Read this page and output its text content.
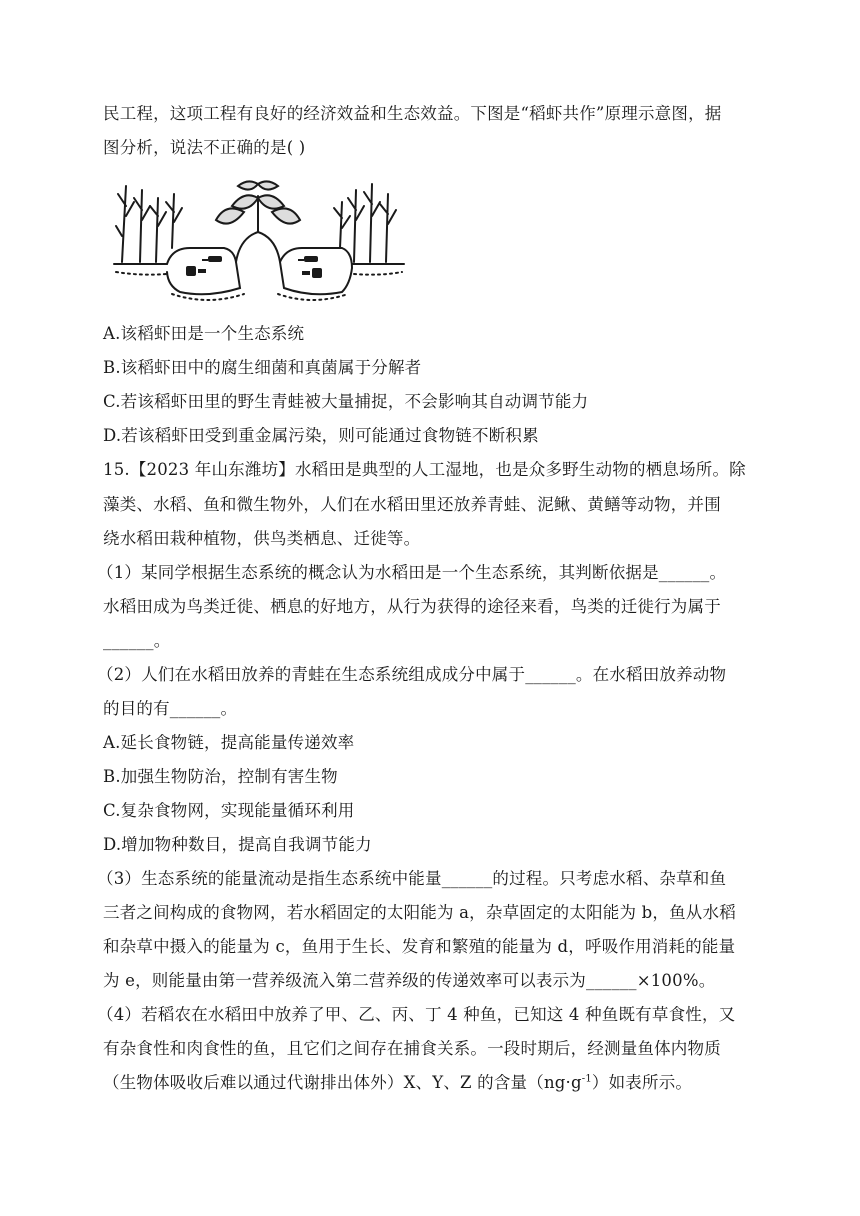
民工程，这项工程有良好的经济效益和生态效益。下图是“稻虾共作”原理示意图，据
图分析，说法不正确的是( )
A.该稻虾田是一个生态系统
B.该稻虾田中的腐生细菌和真菌属于分解者
C.若该稻虾田里的野生青蛙被大量捕捉，不会影响其自动调节能力
D.若该稻虾田受到重金属污染，则可能通过食物链不断积累
15.【2023 年山东潍坊】水稻田是典型的人工湿地，也是众多野生动物的栖息场所。除
藻类、水稻、鱼和微生物外，人们在水稻田里还放养青蛙、泥鳅、黄鳝等动物，并围
绕水稻田栽种植物，供鸟类栖息、迁徙等。
（1）某同学根据生态系统的概念认为水稻田是一个生态系统，其判断依据是______。
水稻田成为鸟类迁徙、栖息的好地方，从行为获得的途径来看，鸟类的迁徙行为属于
______。
（2）人们在水稻田放养的青蛙在生态系统组成成分中属于______。在水稻田放养动物
的目的有______。
A.延长食物链，提高能量传递效率
B.加强生物防治，控制有害生物
C.复杂食物网，实现能量循环利用
D.增加物种数目，提高自我调节能力
（3）生态系统的能量流动是指生态系统中能量______的过程。只考虑水稻、杂草和鱼
三者之间构成的食物网，若水稻固定的太阳能为 a，杂草固定的太阳能为 b，鱼从水稻
和杂草中摄入的能量为 c，鱼用于生长、发育和繁殖的能量为 d，呼吸作用消耗的能量
为 e，则能量由第一营养级流入第二营养级的传递效率可以表示为______×100%。
（4）若稻农在水稻田中放养了甲、乙、丙、丁 4 种鱼，已知这 4 种鱼既有草食性，又
有杂食性和肉食性的鱼，且它们之间存在捕食关系。一段时期后，经测量鱼体内物质
（生物体吸收后难以通过代谢排出体外）X、Y、Z 的含量$(ng\cdot g^{-1})$如表所示。
